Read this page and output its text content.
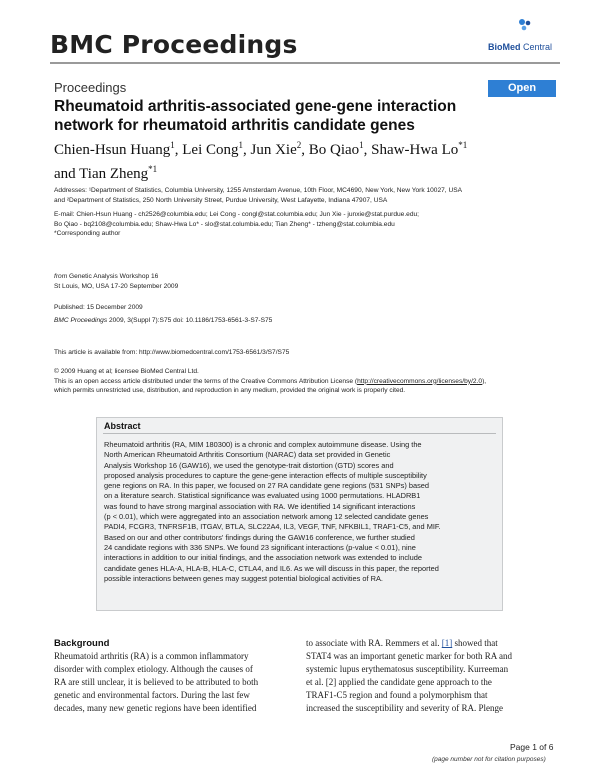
BMC Proceedings	BioMed Central
Proceedings	Open Access
Rheumatoid arthritis-associated gene-gene interaction
network for rheumatoid arthritis candidate genes
Chien-Hsun Huang$^1$, Lei Cong$^1$, Jun Xie$^2$, Bo Qiao$^1$, Shaw-Hwa Lo$^{*1}$
and Tian Zheng$^{*1}$
Addresses: ¹Department of Statistics, Columbia University, 1255 Amsterdam Avenue, 10th Floor, MC4690, New York, New York 10027, USA
and ²Department of Statistics, 250 North University Street, Purdue University, West Lafayette, Indiana 47907, USA
E-mail: Chien-Hsun Huang - ch2526@columbia.edu; Lei Cong - congl@stat.columbia.edu; Jun Xie - junxie@stat.purdue.edu;
Bo Qiao - bq2108@columbia.edu; Shaw-Hwa Lo* - slo@stat.columbia.edu; Tian Zheng* - tzheng@stat.columbia.edu
*Corresponding author
from Genetic Analysis Workshop 16
St Louis, MO, USA 17-20 September 2009
Published: 15 December 2009
BMC Proceedings 2009, 3(Suppl 7):S75 doi: 10.1186/1753-6561-3-S7-S75
This article is available from: http://www.biomedcentral.com/1753-6561/3/S7/S75
© 2009 Huang et al; licensee BioMed Central Ltd.
This is an open access article distributed under the terms of the Creative Commons Attribution License (http://creativecommons.org/licenses/by/2.0),
which permits unrestricted use, distribution, and reproduction in any medium, provided the original work is properly cited.
Abstract
Rheumatoid arthritis (RA, MIM 180300) is a chronic and complex autoimmune disease. Using the
North American Rheumatoid Arthritis Consortium (NARAC) data set provided in Genetic
Analysis Workshop 16 (GAW16), we used the genotype-trait distortion (GTD) scores and
proposed analysis procedures to capture the gene-gene interaction effects of multiple susceptibility
gene regions on RA. In this paper, we focused on 27 RA candidate gene regions (531 SNPs) based
on a literature search. Statistical significance was evaluated using 1000 permutations. HLADRB1
was found to have strong marginal association with RA. We identified 14 significant interactions
(p < 0.01), which were aggregated into an association network among 12 selected candidate genes
PADI4, FCGR3, TNFRSF1B, ITGAV, BTLA, SLC22A4, IL3, VEGF, TNF, NFKBIL1, TRAF1-C5, and MIF.
Based on our and other contributors' findings during the GAW16 conference, we further studied
24 candidate regions with 336 SNPs. We found 23 significant interactions (p-value < 0.01), nine
interactions in addition to our initial findings, and the association network was extended to include
candidate genes HLA-A, HLA-B, HLA-C, CTLA4, and IL6. As we will discuss in this paper, the reported
possible interactions between genes may suggest potential biological activities of RA.
Background
Rheumatoid arthritis (RA) is a common inflammatory
disorder with complex etiology. Although the causes of
RA are still unclear, it is believed to be attributed to both
genetic and environmental factors. During the last few
decades, many new genetic regions have been identified
to associate with RA. Remmers et al. [1] showed that
STAT4 was an important genetic marker for both RA and
systemic lupus erythematosus susceptibility. Kurreeman
et al. [2] applied the candidate gene approach to the
TRAF1-C5 region and found a polymorphism that
increased the susceptibility and severity of RA. Plenge
Page 1 of 6
(page number not for citation purposes)
